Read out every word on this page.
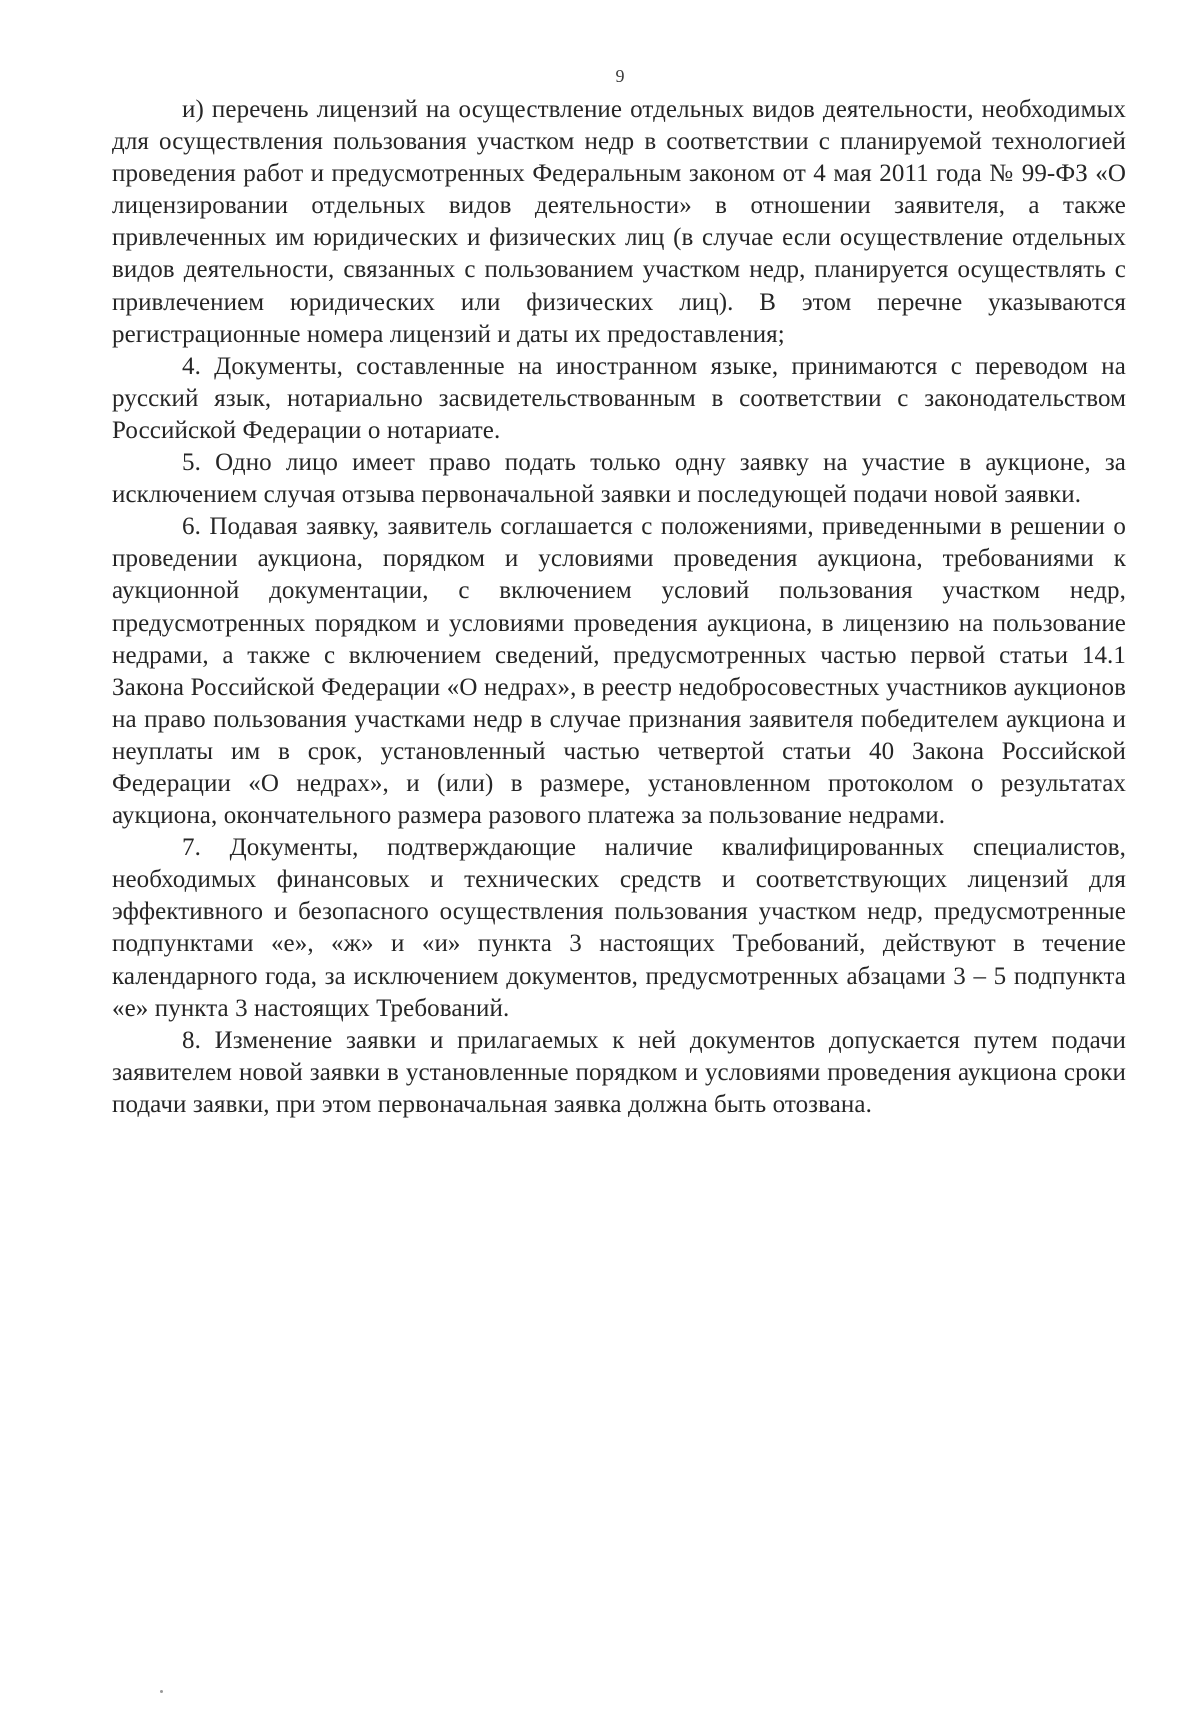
9

и) перечень лицензий на осуществление отдельных видов деятельности, необходимых для осуществления пользования участком недр в соответствии с планируемой технологией проведения работ и предусмотренных Федеральным законом от 4 мая 2011 года № 99-ФЗ «О лицензировании отдельных видов деятельности» в отношении заявителя, а также привлеченных им юридических и физических лиц (в случае если осуществление отдельных видов деятельности, связанных с пользованием участком недр, планируется осуществлять с привлечением юридических или физических лиц). В этом перечне указываются регистрационные номера лицензий и даты их предоставления;

4. Документы, составленные на иностранном языке, принимаются с переводом на русский язык, нотариально засвидетельствованным в соответствии с законодательством Российской Федерации о нотариате.

5. Одно лицо имеет право подать только одну заявку на участие в аукционе, за исключением случая отзыва первоначальной заявки и последующей подачи новой заявки.

6. Подавая заявку, заявитель соглашается с положениями, приведенными в решении о проведении аукциона, порядком и условиями проведения аукциона, требованиями к аукционной документации, с включением условий пользования участком недр, предусмотренных порядком и условиями проведения аукциона, в лицензию на пользование недрами, а также с включением сведений, предусмотренных частью первой статьи 14.1 Закона Российской Федерации «О недрах», в реестр недобросовестных участников аукционов на право пользования участками недр в случае признания заявителя победителем аукциона и неуплаты им в срок, установленный частью четвертой статьи 40 Закона Российской Федерации «О недрах», и (или) в размере, установленном протоколом о результатах аукциона, окончательного размера разового платежа за пользование недрами.

7. Документы, подтверждающие наличие квалифицированных специалистов, необходимых финансовых и технических средств и соответствующих лицензий для эффективного и безопасного осуществления пользования участком недр, предусмотренные подпунктами «е», «ж» и «и» пункта 3 настоящих Требований, действуют в течение календарного года, за исключением документов, предусмотренных абзацами 3 – 5 подпункта «е» пункта 3 настоящих Требований.

8. Изменение заявки и прилагаемых к ней документов допускается путем подачи заявителем новой заявки в установленные порядком и условиями проведения аукциона сроки подачи заявки, при этом первоначальная заявка должна быть отозвана.
